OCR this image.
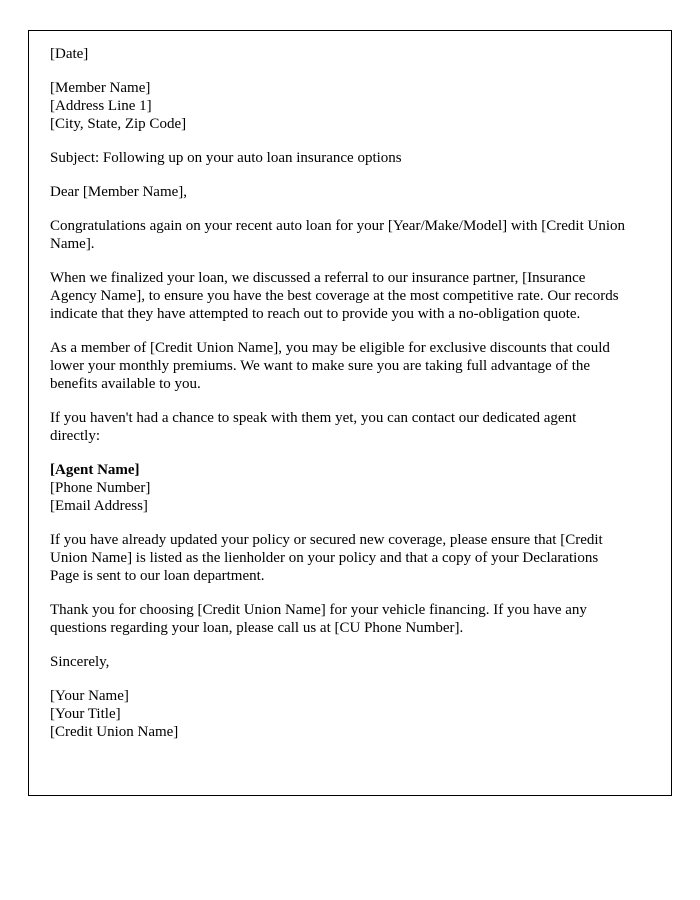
[Date]

[Member Name]

[Address Line 1]

[City, State, Zip Code]

Subject: Following up on your auto loan insurance options

Dear [Member Name],

Congratulations again on your recent auto loan for your [Year/Make/Model] with [Credit Union Name].

When we finalized your loan, we discussed a referral to our insurance partner, [Insurance Agency Name], to ensure you have the best coverage at the most competitive rate. Our records indicate that they have attempted to reach out to provide you with a no-obligation quote.

As a member of [Credit Union Name], you may be eligible for exclusive discounts that could lower your monthly premiums. We want to make sure you are taking full advantage of the benefits available to you.

If you haven't had a chance to speak with them yet, you can contact our dedicated agent directly:

[Agent Name]

[Phone Number]

[Email Address]

If you have already updated your policy or secured new coverage, please ensure that [Credit Union Name] is listed as the lienholder on your policy and that a copy of your Declarations Page is sent to our loan department.

Thank you for choosing [Credit Union Name] for your vehicle financing. If you have any questions regarding your loan, please call us at [CU Phone Number].

Sincerely,

[Your Name]

[Your Title]

[Credit Union Name]
